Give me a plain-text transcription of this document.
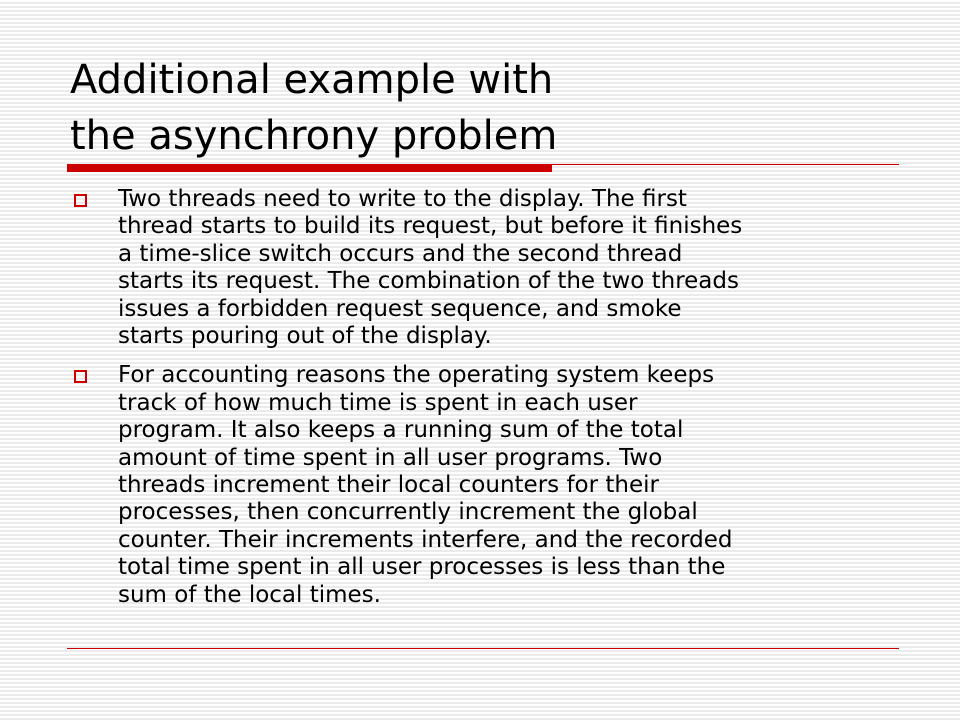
Additional example with
the asynchrony problem
Two threads need to write to the display. The first
thread starts to build its request, but before it finishes
a time-slice switch occurs and the second thread
starts its request. The combination of the two threads
issues a forbidden request sequence, and smoke
starts pouring out of the display.
For accounting reasons the operating system keeps
track of how much time is spent in each user
program. It also keeps a running sum of the total
amount of time spent in all user programs. Two
threads increment their local counters for their
processes, then concurrently increment the global
counter. Their increments interfere, and the recorded
total time spent in all user processes is less than the
sum of the local times.
